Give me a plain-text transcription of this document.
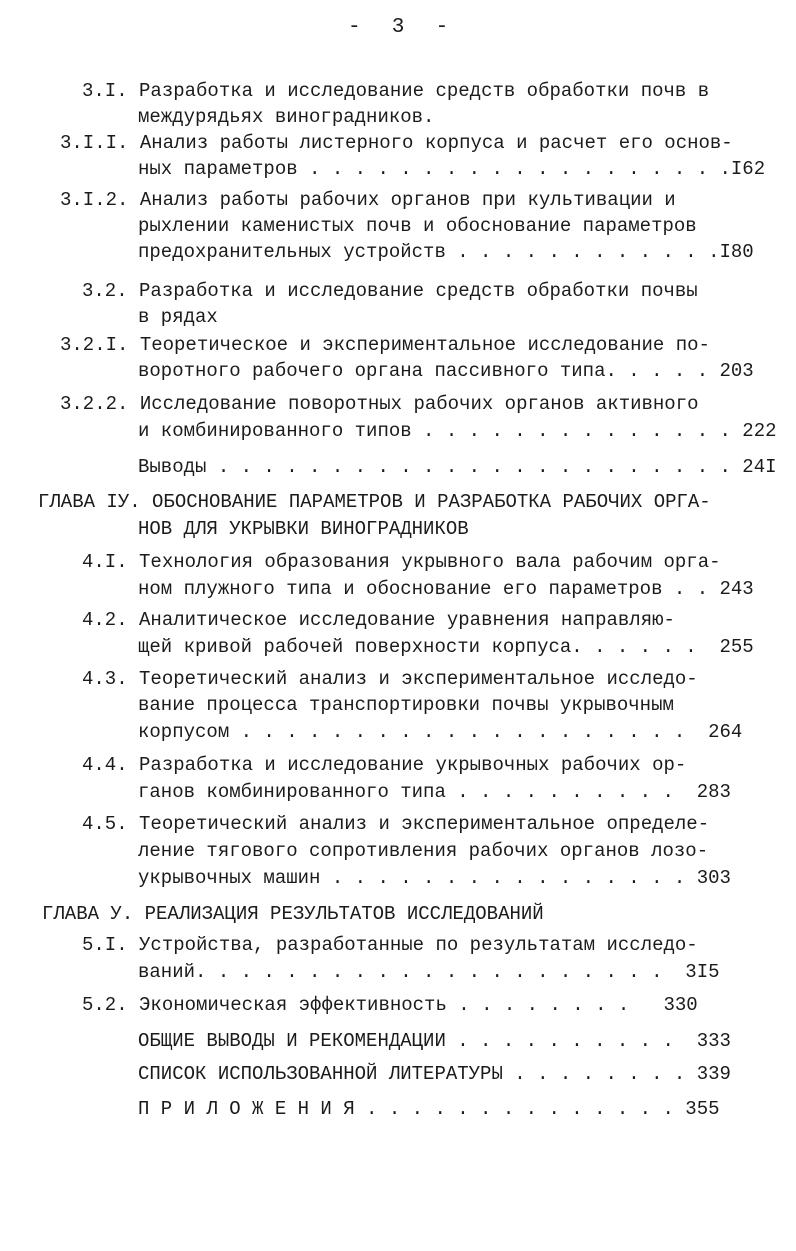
-  3  -
3.I. Разработка и исследование средств обработки почв в
междурядьях виноградников.
3.I.I. Анализ работы листерного корпуса и расчет его основ-
ных параметров . . . . . . . . . . . . . . . . . . .I62
3.I.2. Анализ работы рабочих органов при культивации и
рыхлении каменистых почв и обоснование параметров
предохранительных устройств . . . . . . . . . . . .I80
3.2. Разработка и исследование средств обработки почвы
в рядах
3.2.I. Теоретическое и экспериментальное исследование по-
воротного рабочего органа пассивного типа. . . . . 203
3.2.2. Исследование поворотных рабочих органов активного
и комбинированного типов . . . . . . . . . . . . . . 222
Выводы . . . . . . . . . . . . . . . . . . . . . . . 24I
ГЛАВА IУ. ОБОСНОВАНИЕ ПАРАМЕТРОВ И РАЗРАБОТКА РАБОЧИХ ОРГА-
НОВ ДЛЯ УКРЫВКИ ВИНОГРАДНИКОВ
4.I. Технология образования укрывного вала рабочим орга-
ном плужного типа и обоснование его параметров . . 243
4.2. Аналитическое исследование уравнения направляю-
щей кривой рабочей поверхности корпуса. . . . . .  255
4.3. Теоретический анализ и экспериментальное исследо-
вание процесса транспортировки почвы укрывочным
корпусом . . . . . . . . . . . . . . . . . . . .  264
4.4. Разработка и исследование укрывочных рабочих ор-
ганов комбинированного типа . . . . . . . . . .  283
4.5. Теоретический анализ и экспериментальное определе-
ление тягового сопротивления рабочих органов лозо-
укрывочных машин . . . . . . . . . . . . . . . . 303
ГЛАВА У. РЕАЛИЗАЦИЯ РЕЗУЛЬТАТОВ ИССЛЕДОВАНИЙ
5.I. Устройства, разработанные по результатам исследо-
ваний. . . . . . . . . . . . . . . . . . . . .  3I5
5.2. Экономическая эффективность . . . . . . . .   330
ОБЩИЕ ВЫВОДЫ И РЕКОМЕНДАЦИИ . . . . . . . . . .  333
СПИСОК ИСПОЛЬЗОВАННОЙ ЛИТЕРАТУРЫ . . . . . . . . 339
П Р И Л О Ж Е Н И Я . . . . . . . . . . . . . . 355
